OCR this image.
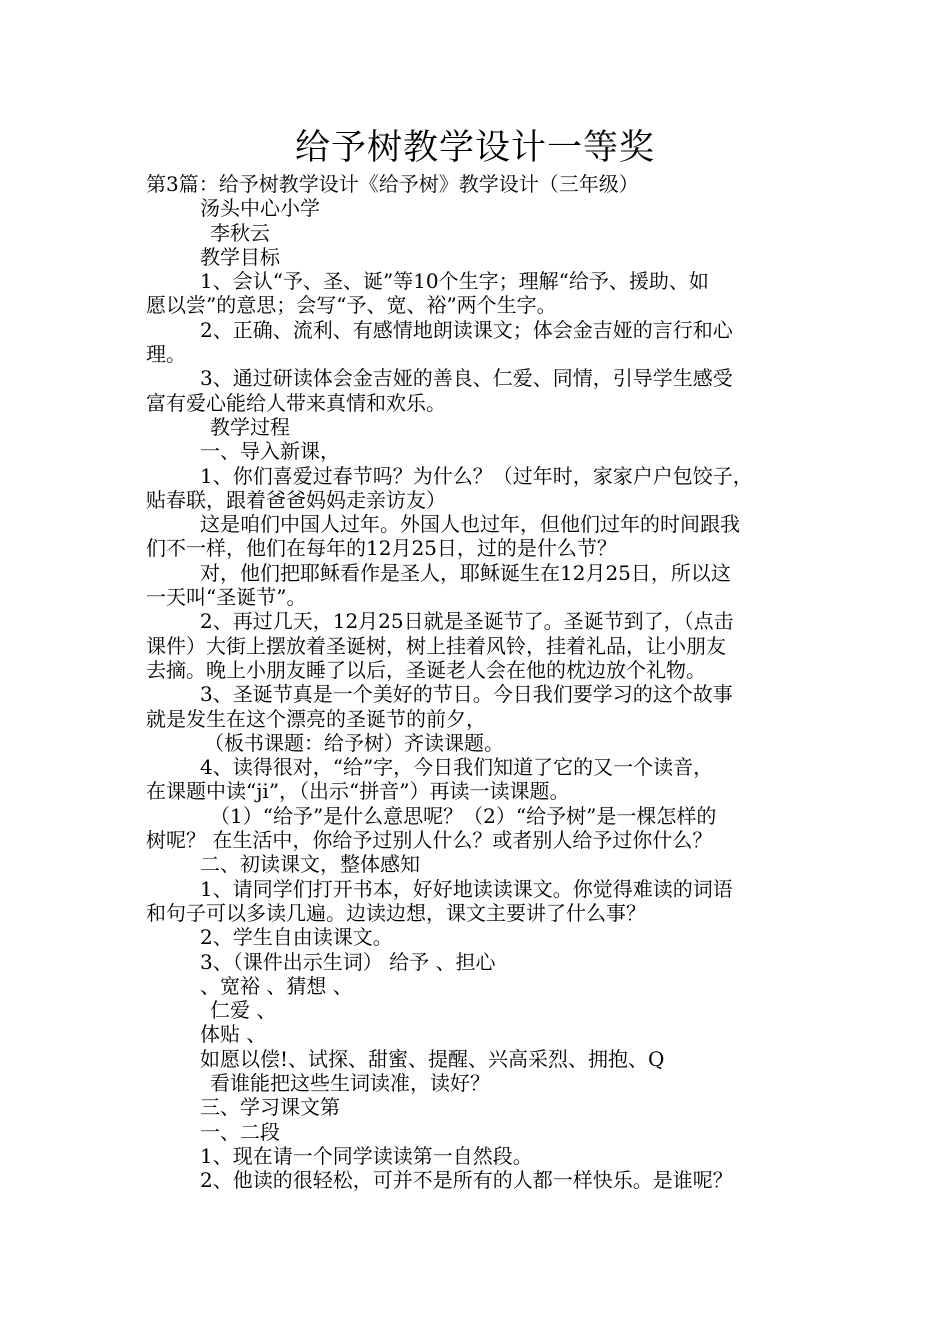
给予树教学设计一等奖
第3篇：给予树教学设计《给予树》教学设计（三年级）
汤头中心小学
李秋云
教学目标
1、会认“予、圣、诞”等10个生字；理解“给予、援助、如
愿以尝”的意思；会写“予、宽、裕”两个生字。
2、正确、流利、有感情地朗读课文；体会金吉娅的言行和心
理。
3、通过研读体会金吉娅的善良、仁爱、同情，引导学生感受
富有爱心能给人带来真情和欢乐。
教学过程
一、导入新课，
1、你们喜爱过春节吗？为什么？（过年时，家家户户包饺子，
贴春联，跟着爸爸妈妈走亲访友）
这是咱们中国人过年。外国人也过年，但他们过年的时间跟我
们不一样，他们在每年的12月25日，过的是什么节？
对，他们把耶稣看作是圣人，耶稣诞生在12月25日，所以这
一天叫“圣诞节”。
2、再过几天，12月25日就是圣诞节了。圣诞节到了，（点击
课件）大街上摆放着圣诞树，树上挂着风铃，挂着礼品，让小朋友
去摘。晚上小朋友睡了以后，圣诞老人会在他的枕边放个礼物。
3、圣诞节真是一个美好的节日。今日我们要学习的这个故事
就是发生在这个漂亮的圣诞节的前夕，
（板书课题：给予树）齐读课题。
4、读得很对，“给”字，今日我们知道了它的又一个读音，
在课题中读“ji”，（出示“拼音”）再读一读课题。
（1）“给予”是什么意思呢？（2）“给予树”是一棵怎样的
树呢？ 在生活中，你给予过别人什么？或者别人给予过你什么？
二、初读课文，整体感知
1、请同学们打开书本，好好地读读课文。你觉得难读的词语
和句子可以多读几遍。边读边想，课文主要讲了什么事？
2、学生自由读课文。
3、（课件出示生词） 给予 、担心
、宽裕 、猜想 、
仁爱 、
体贴 、
如愿以偿!、试探、甜蜜、提醒、兴高采烈、拥抱、Q
看谁能把这些生词读准，读好？
三、学习课文第
一、二段
1、现在请一个同学读读第一自然段。
2、他读的很轻松，可并不是所有的人都一样快乐。是谁呢？
